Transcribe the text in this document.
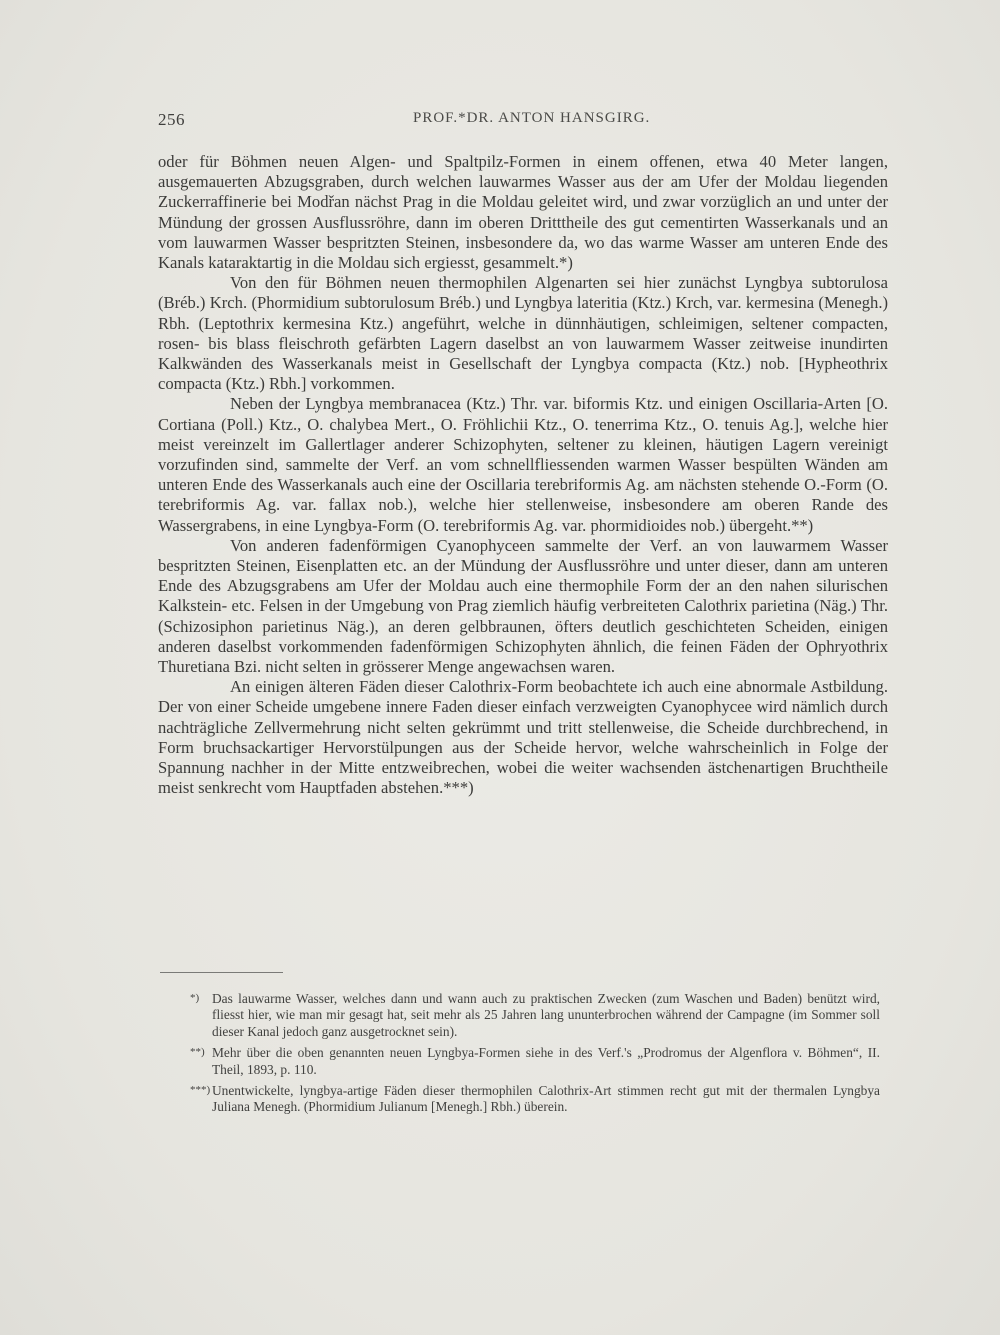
256	PROF.*DR. ANTON HANSGIRG.

oder für Böhmen neuen Algen- und Spaltpilz-Formen in einem offenen, etwa 40 Meter langen, ausgemauerten Abzugsgraben, durch welchen lauwarmes Wasser aus der am Ufer der Moldau liegenden Zuckerraffinerie bei Modřan nächst Prag in die Moldau geleitet wird, und zwar vorzüglich an und unter der Mündung der grossen Ausflussröhre, dann im oberen Dritttheile des gut cementirten Wasserkanals und an vom lauwarmen Wasser bespritzten Steinen, insbesondere da, wo das warme Wasser am unteren Ende des Kanals kataraktartig in die Moldau sich ergiesst, gesammelt.*)

Von den für Böhmen neuen thermophilen Algenarten sei hier zunächst Lyngbya subtorulosa (Bréb.) Krch. (Phormidium subtorulosum Bréb.) und Lyngbya lateritia (Ktz.) Krch, var. kermesina (Menegh.) Rbh. (Leptothrix kermesina Ktz.) angeführt, welche in dünnhäutigen, schleimigen, seltener compacten, rosen- bis blass fleischroth gefärbten Lagern daselbst an von lauwarmem Wasser zeitweise inundirten Kalkwänden des Wasserkanals meist in Gesellschaft der Lyngbya compacta (Ktz.) nob. [Hypheothrix compacta (Ktz.) Rbh.] vorkommen.

Neben der Lyngbya membranacea (Ktz.) Thr. var. biformis Ktz. und einigen Oscillaria-Arten [O. Cortiana (Poll.) Ktz., O. chalybea Mert., O. Fröhlichii Ktz., O. tenerrima Ktz., O. tenuis Ag.], welche hier meist vereinzelt im Gallertlager anderer Schizophyten, seltener zu kleinen, häutigen Lagern vereinigt vorzufinden sind, sammelte der Verf. an vom schnellfliessenden warmen Wasser bespülten Wänden am unteren Ende des Wasserkanals auch eine der Oscillaria terebriformis Ag. am nächsten stehende O.-Form (O. terebriformis Ag. var. fallax nob.), welche hier stellenweise, insbesondere am oberen Rande des Wassergrabens, in eine Lyngbya-Form (O. terebriformis Ag. var. phormidioides nob.) übergeht.**)

Von anderen fadenförmigen Cyanophyceen sammelte der Verf. an von lauwarmem Wasser bespritzten Steinen, Eisenplatten etc. an der Mündung der Ausflussröhre und unter dieser, dann am unteren Ende des Abzugsgrabens am Ufer der Moldau auch eine thermophile Form der an den nahen silurischen Kalkstein- etc. Felsen in der Umgebung von Prag ziemlich häufig verbreiteten Calothrix parietina (Näg.) Thr. (Schizosiphon parietinus Näg.), an deren gelbbraunen, öfters deutlich geschichteten Scheiden, einigen anderen daselbst vorkommenden fadenförmigen Schizophyten ähnlich, die feinen Fäden der Ophryothrix Thuretiana Bzi. nicht selten in grösserer Menge angewachsen waren.

An einigen älteren Fäden dieser Calothrix-Form beobachtete ich auch eine abnormale Astbildung. Der von einer Scheide umgebene innere Faden dieser einfach verzweigten Cyanophycee wird nämlich durch nachträgliche Zellvermehrung nicht selten gekrümmt und tritt stellenweise, die Scheide durchbrechend, in Form bruchsackartiger Hervorstülpungen aus der Scheide hervor, welche wahrscheinlich in Folge der Spannung nachher in der Mitte entzweibrechen, wobei die weiter wachsenden ästchenartigen Bruchtheile meist senkrecht vom Hauptfaden abstehen.***)

*) Das lauwarme Wasser, welches dann und wann auch zu praktischen Zwecken (zum Waschen und Baden) benützt wird, fliesst hier, wie man mir gesagt hat, seit mehr als 25 Jahren lang ununterbrochen während der Campagne (im Sommer soll dieser Kanal jedoch ganz ausgetrocknet sein).

**) Mehr über die oben genannten neuen Lyngbya-Formen siehe in des Verf.'s „Prodromus der Algenflora v. Böhmen“, II. Theil, 1893, p. 110.

***) Unentwickelte, lyngbya-artige Fäden dieser thermophilen Calothrix-Art stimmen recht gut mit der thermalen Lyngbya Juliana Menegh. (Phormidium Julianum [Menegh.] Rbh.) überein.
